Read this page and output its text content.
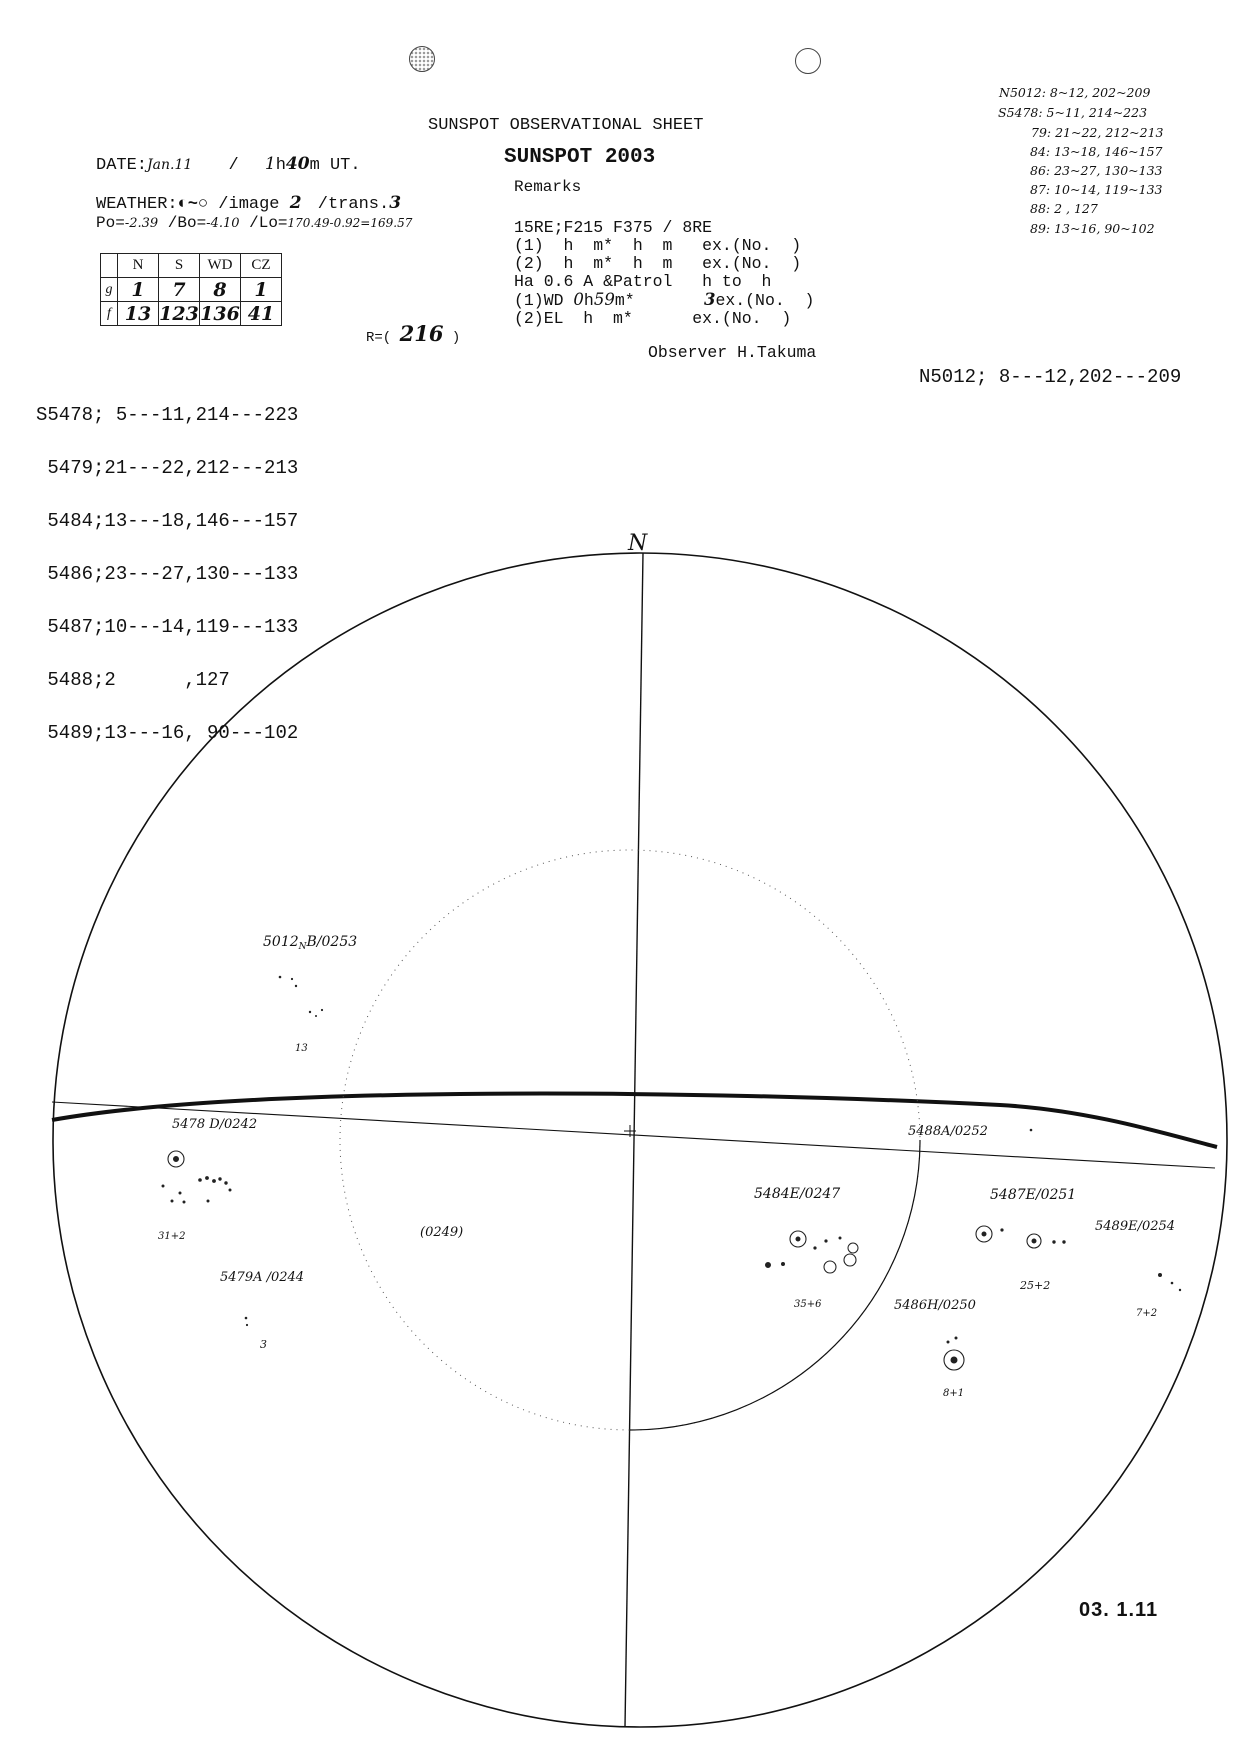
SUNSPOT OBSERVATIONAL SHEET
DATE:Jan.11 / 1h40m UT.	SUNSPOT 2003
Remarks
WEATHER:◐~○ /image 2 /trans.3
Po=-2.39 /Bo=-4.10 /Lo=170.49-0.92=169.57
	N	S	WD	CZ
g	1	7	8	1
f	13	123	136	41
R=( 216 )
15RE;F215 F375 / 8RE
(1)  h  m*  h  m   ex.(No.  )
(2)  h  m*  h  m   ex.(No.  )
Ha 0.6 A &Patrol   h to  h
(1)WD 0h59m*	3ex.(No.  )
(2)EL  h  m*      ex.(No.  )
Observer H.Takuma
N5012: 8~12, 202~209
S5478: 5~11, 214~223
79: 21~22, 212~213
84: 13~18, 146~157
86: 23~27, 130~133
87: 10~14, 119~133
88: 2 , 127
89: 13~16, 90~102

S5478; 5---11,214---223

5479;21---22,212---213

5484;13---18,146---157

5486;23---27,130---133

5487;10---14,119---133

5488;2      ,127

5489;13---16, 90---102

N5012; 8---12,202---209
N
$5012_NB/0253$
13
5478 D/0242
31+2
5479A /0244
3
(0249)
5484E/0247
35+6
5488A/0252
5487E/0251
25+2
5489E/0254
7+2
5486H/0250
8+1
03. 1.11
